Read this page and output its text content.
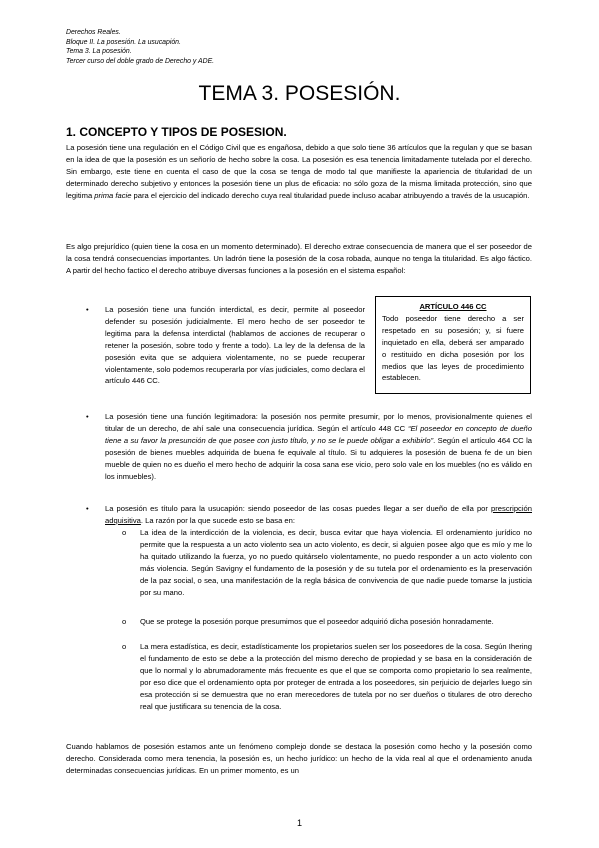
Derechos Reales.
Bloque II. La posesión. La usucapión.
Tema 3. La posesión.
Tercer curso del doble grado de Derecho y ADE.
TEMA 3. POSESIÓN.
1. CONCEPTO Y TIPOS DE POSESION.
La posesión tiene una regulación en el Código Civil que es engañosa, debido a que solo tiene 36 artículos que la regulan y que se basan en la idea de que la posesión es un señorío de hecho sobre la cosa. La posesión es esa tenencia limitadamente tutelada por el derecho. Sin embargo, este tiene en cuenta el caso de que la cosa se tenga de modo tal que manifieste la apariencia de titularidad de un determinado derecho subjetivo y entonces la posesión tiene un plus de eficacia: no sólo goza de la misma limitada protección, sino que legitima prima facie para el ejercicio del indicado derecho cuya real titularidad puede incluso acabar atribuyendo a través de la usucapión.
Es algo prejurídico (quien tiene la cosa en un momento determinado). El derecho extrae consecuencia de manera que el ser poseedor de la cosa tendrá consecuencias importantes. Un ladrón tiene la posesión de la cosa robada, aunque no tenga la titularidad. Es algo fáctico. A partir del hecho factico el derecho atribuye diversas funciones a la posesión en el sistema español:
• La posesión tiene una función interdictal, es decir, permite al poseedor defender su posesión judicialmente. El mero hecho de ser poseedor te legitima para la defensa interdictal (hablamos de acciones de recuperar o retener la posesión, sobre todo y frente a todo). La ley de la defensa de la posesión evita que se adquiera violentamente, no se puede recuperar violentamente, solo podemos recuperarla por vías judiciales, como declara el artículo 446 CC.
ARTÍCULO 446 CC
Todo poseedor tiene derecho a ser respetado en su posesión; y, si fuere inquietado en ella, deberá ser amparado o restituido en dicha posesión por los medios que las leyes de procedimiento establecen.
• La posesión tiene una función legitimadora: la posesión nos permite presumir, por lo menos, provisionalmente quienes el titular de un derecho, de ahí sale una consecuencia jurídica. Según el artículo 448 CC “El poseedor en concepto de dueño tiene a su favor la presunción de que posee con justo título, y no se le puede obligar a exhibirlo”. Según el artículo 464 CC la posesión de bienes muebles adquirida de buena fe equivale al título. Si tu adquieres la posesión de buena fe de un bien mueble de quien no es dueño el mero hecho de adquirir la cosa sana ese vicio, pero solo vale en los muebles (no es válido en los inmuebles).
• La posesión es título para la usucapión: siendo poseedor de las cosas puedes llegar a ser dueño de ella por prescripción adquisitiva. La razón por la que sucede esto se basa en:
o La idea de la interdicción de la violencia, es decir, busca evitar que haya violencia. El ordenamiento jurídico no permite que la respuesta a un acto violento sea un acto violento, es decir, si alguien posee algo que es mío y me lo ha quitado utilizando la fuerza, yo no puedo quitárselo violentamente, no puedo responder a un acto violento con más violencia. Según Savigny el fundamento de la posesión y de su tutela por el ordenamiento es la preservación de la paz social, o sea, una manifestación de la regla básica de convivencia de que nadie puede tomarse la justicia por su mano.
o Que se protege la posesión porque presumimos que el poseedor adquirió dicha posesión honradamente.
o La mera estadística, es decir, estadísticamente los propietarios suelen ser los poseedores de la cosa. Según Ihering el fundamento de esto se debe a la protección del mismo derecho de propiedad y se basa en la consideración de que lo normal y lo abrumadoramente más frecuente es que el que se comporta como propietario lo sea realmente, por eso dice que el ordenamiento opta por proteger de entrada a los poseedores, sin perjuicio de dejarles luego sin esa protección si se demuestra que no eran merecedores de tutela por no ser dueños o titulares de otro derecho real que justificara su tenencia de la cosa.
Cuando hablamos de posesión estamos ante un fenómeno complejo donde se destaca la posesión como hecho y la posesión como derecho. Considerada como mera tenencia, la posesión es, un hecho jurídico: un hecho de la vida real al que el ordenamiento anuda determinadas consecuencias jurídicas. En un primer momento, es un
1
